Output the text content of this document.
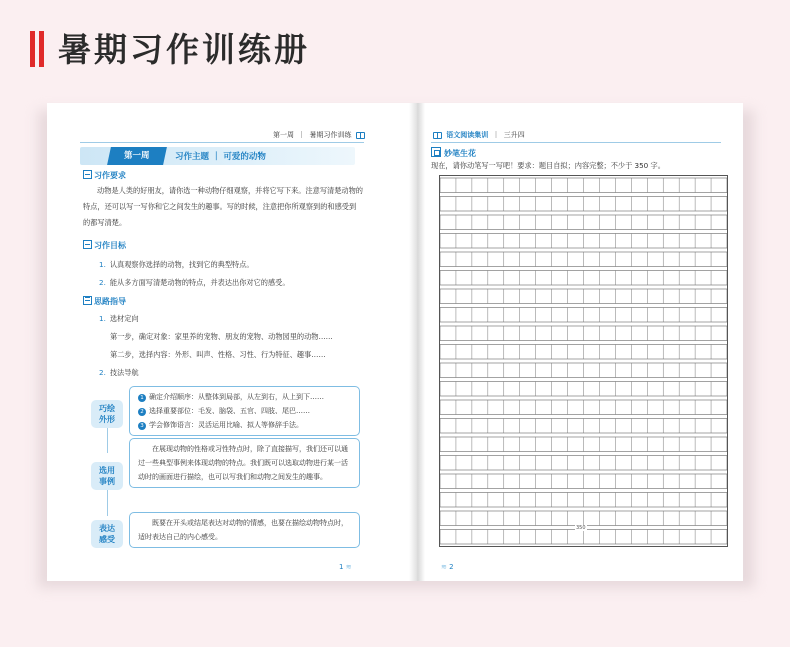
暑期习作训练册
第一周 ｜ 暑期习作训练
第一周	习作主题 ｜ 可爱的动物
习作要求
动物是人类的好朋友，请你选一种动物仔细观察，并将它写下来。注意写清楚动物的特点，还可以写一写你和它之间发生的趣事。写的时候，注意把你所观察到的和感受到的都写清楚。
习作目标
1. 认真观察你选择的动物，找到它的典型特点。
2. 能从多方面写清楚动物的特点，并表达出你对它的感受。
思路指导
1. 选材定向
第一步，确定对象：家里养的宠物、朋友的宠物、动物园里的动物……
第二步，选择内容：外形、叫声、性格、习性、行为特征、趣事……
2. 技法导航
巧绘
外形
1 确定介绍顺序：从整体到局部，从左到右，从上到下……
2 选择重要部位：毛发、脑袋、五官、四肢、尾巴……
3 学会修饰语言：灵活运用比喻、拟人等修辞手法。
选用
事例
在展现动物的性格或习性特点时，除了直接描写，我们还可以通过一些典型事例来体现动物的特点。我们既可以选取动物进行某一活动时的画面进行描绘，也可以写我们和动物之间发生的趣事。
表达
感受
既要在开头或结尾表达对动物的情感，也要在描绘动物特点时，适时表达自己的内心感受。
1 ≋
语文阅读集训 ｜ 三升四
妙笔生花
现在，请你动笔写一写吧！要求：题目自拟；内容完整；不少于 350 字。
350
≋ 2
